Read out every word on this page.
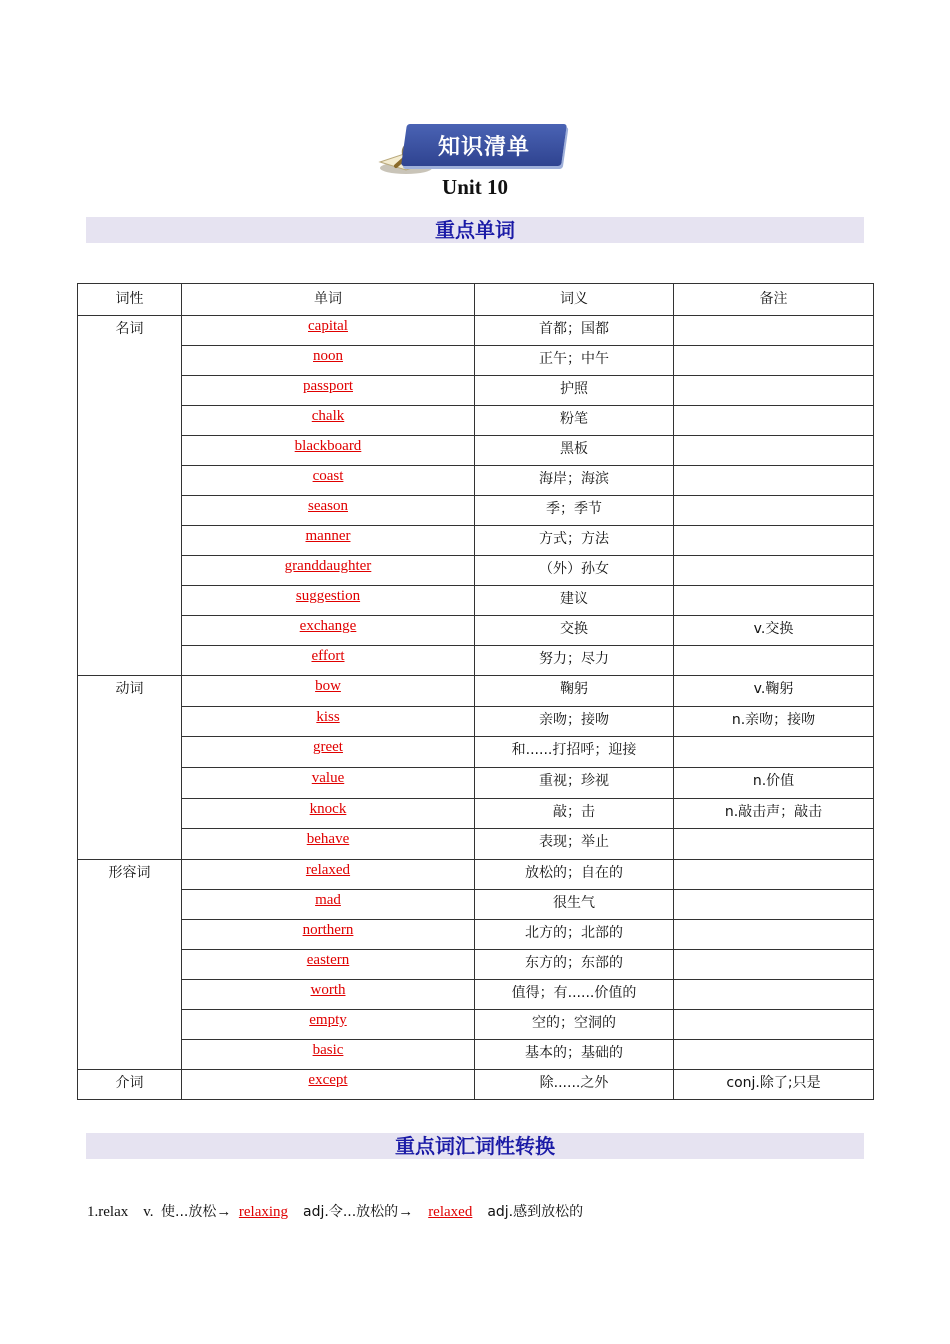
知识清单
Unit 10
重点单词
词性	单词	词义	备注
名词	capital	首都；国都	
	noon	正午；中午	
	passport	护照	
	chalk	粉笔	
	blackboard	黑板	
	coast	海岸；海滨	
	season	季；季节	
	manner	方式；方法	
	granddaughter	（外）孙女	
	suggestion	建议	
	exchange	交换	v.交换
	effort	努力；尽力	
动词	bow	鞠躬	v.鞠躬
	kiss	亲吻；接吻	n.亲吻；接吻
	greet	和......打招呼；迎接	
	value	重视；珍视	n.价值
	knock	敲；击	n.敲击声；敲击
	behave	表现；举止	
形容词	relaxed	放松的；自在的	
	mad	很生气	
	northern	北方的；北部的	
	eastern	东方的；东部的	
	worth	值得；有......价值的	
	empty	空的；空洞的	
	basic	基本的；基础的	
介词	except	除......之外	conj.除了;只是
重点词汇词性转换
1.relax v. 使...放松→ relaxing adj.令...放松的→ relaxed adj.感到放松的
